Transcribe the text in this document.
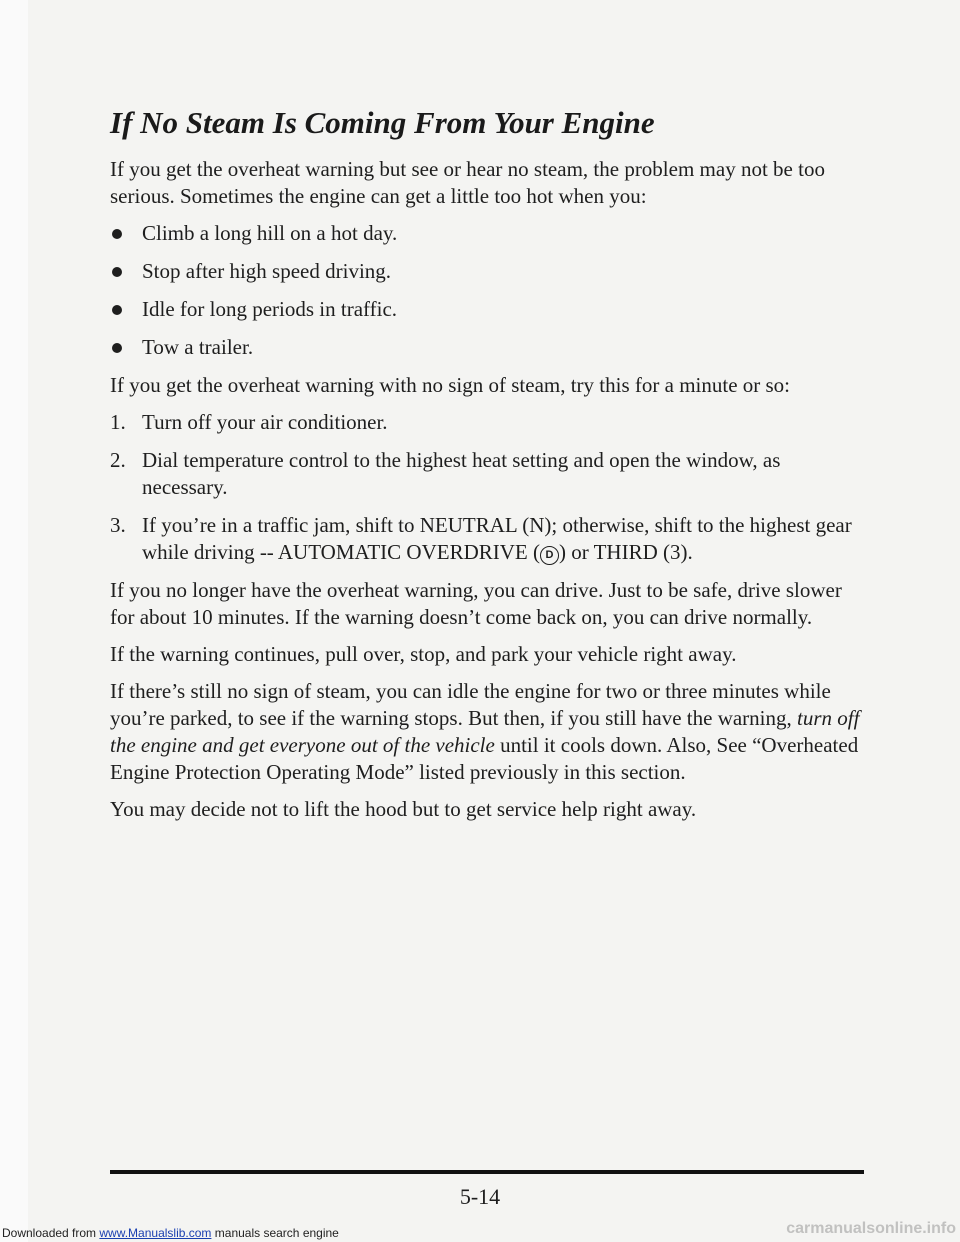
If No Steam Is Coming From Your Engine

If you get the overheat warning but see or hear no steam, the problem may not be too serious. Sometimes the engine can get a little too hot when you:

Climb a long hill on a hot day.
Stop after high speed driving.
Idle for long periods in traffic.
Tow a trailer.

If you get the overheat warning with no sign of steam, try this for a minute or so:

1. Turn off your air conditioner.
2. Dial temperature control to the highest heat setting and open the window, as necessary.
3. If you’re in a traffic jam, shift to NEUTRAL (N); otherwise, shift to the highest gear while driving -- AUTOMATIC OVERDRIVE ( D ) or THIRD (3).

If you no longer have the overheat warning, you can drive. Just to be safe, drive slower for about 10 minutes. If the warning doesn’t come back on, you can drive normally.

If the warning continues, pull over, stop, and park your vehicle right away.

If there’s still no sign of steam, you can idle the engine for two or three minutes while you’re parked, to see if the warning stops. But then, if you still have the warning, turn off the engine and get everyone out of the vehicle until it cools down. Also, See “Overheated Engine Protection Operating Mode” listed previously in this section.

You may decide not to lift the hood but to get service help right away.

5-14
Downloaded from www.Manualslib.com manuals search engine	carmanualsonline.info
